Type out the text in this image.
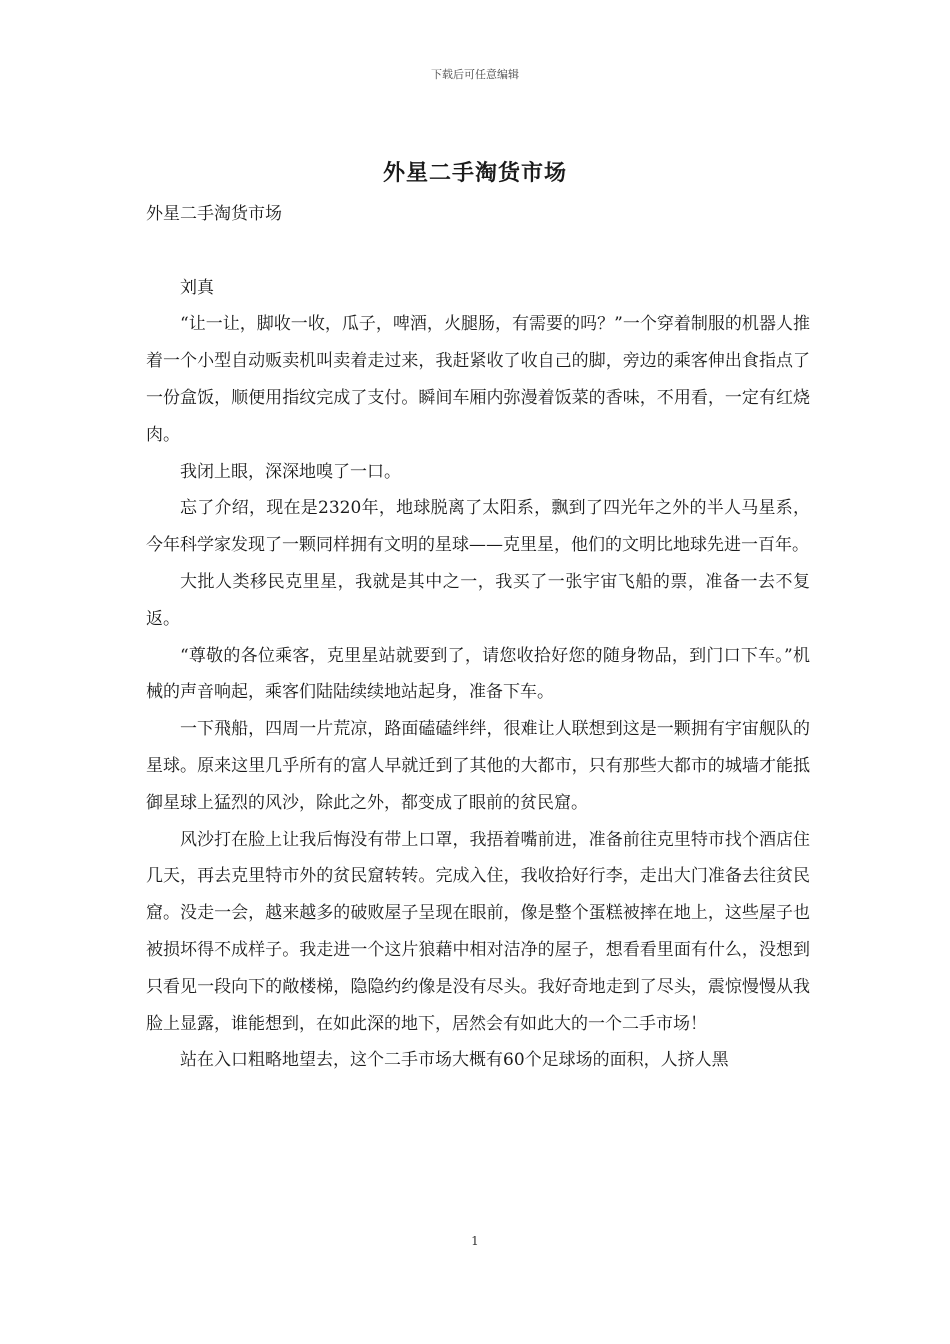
下载后可任意编辑
外星二手淘货市场

外星二手淘货市场

刘真

“让一让，脚收一收，瓜子，啤酒，火腿肠，有需要的吗？”一个穿着制服的机器人推着一个小型自动贩卖机叫卖着走过来，我赶紧收了收自己的脚，旁边的乘客伸出食指点了一份盒饭，顺便用指纹完成了支付。瞬间车厢内弥漫着饭菜的香味，不用看，一定有红烧肉。

我闭上眼，深深地嗅了一口。

忘了介绍，现在是2320年，地球脱离了太阳系，飘到了四光年之外的半人马星系，今年科学家发现了一颗同样拥有文明的星球——克里星，他们的文明比地球先进一百年。

大批人类移民克里星，我就是其中之一，我买了一张宇宙飞船的票，准备一去不复返。

“尊敬的各位乘客，克里星站就要到了，请您收拾好您的随身物品，到门口下车。”机械的声音响起，乘客们陆陆续续地站起身，准备下车。

一下飛船，四周一片荒凉，路面磕磕绊绊，很难让人联想到这是一颗拥有宇宙舰队的星球。原来这里几乎所有的富人早就迁到了其他的大都市，只有那些大都市的城墙才能抵御星球上猛烈的风沙，除此之外，都变成了眼前的贫民窟。

风沙打在脸上让我后悔没有带上口罩，我捂着嘴前进，准备前往克里特市找个酒店住几天，再去克里特市外的贫民窟转转。完成入住，我收拾好行李，走出大门准备去往贫民窟。没走一会，越来越多的破败屋子呈现在眼前，像是整个蛋糕被摔在地上，这些屋子也被损坏得不成样子。我走进一个这片狼藉中相对洁净的屋子，想看看里面有什么，没想到只看见一段向下的敞楼梯，隐隐约约像是没有尽头。我好奇地走到了尽头，震惊慢慢从我脸上显露，谁能想到，在如此深的地下，居然会有如此大的一个二手市场！

站在入口粗略地望去，这个二手市场大概有60个足球场的面积，人挤人黑

1
